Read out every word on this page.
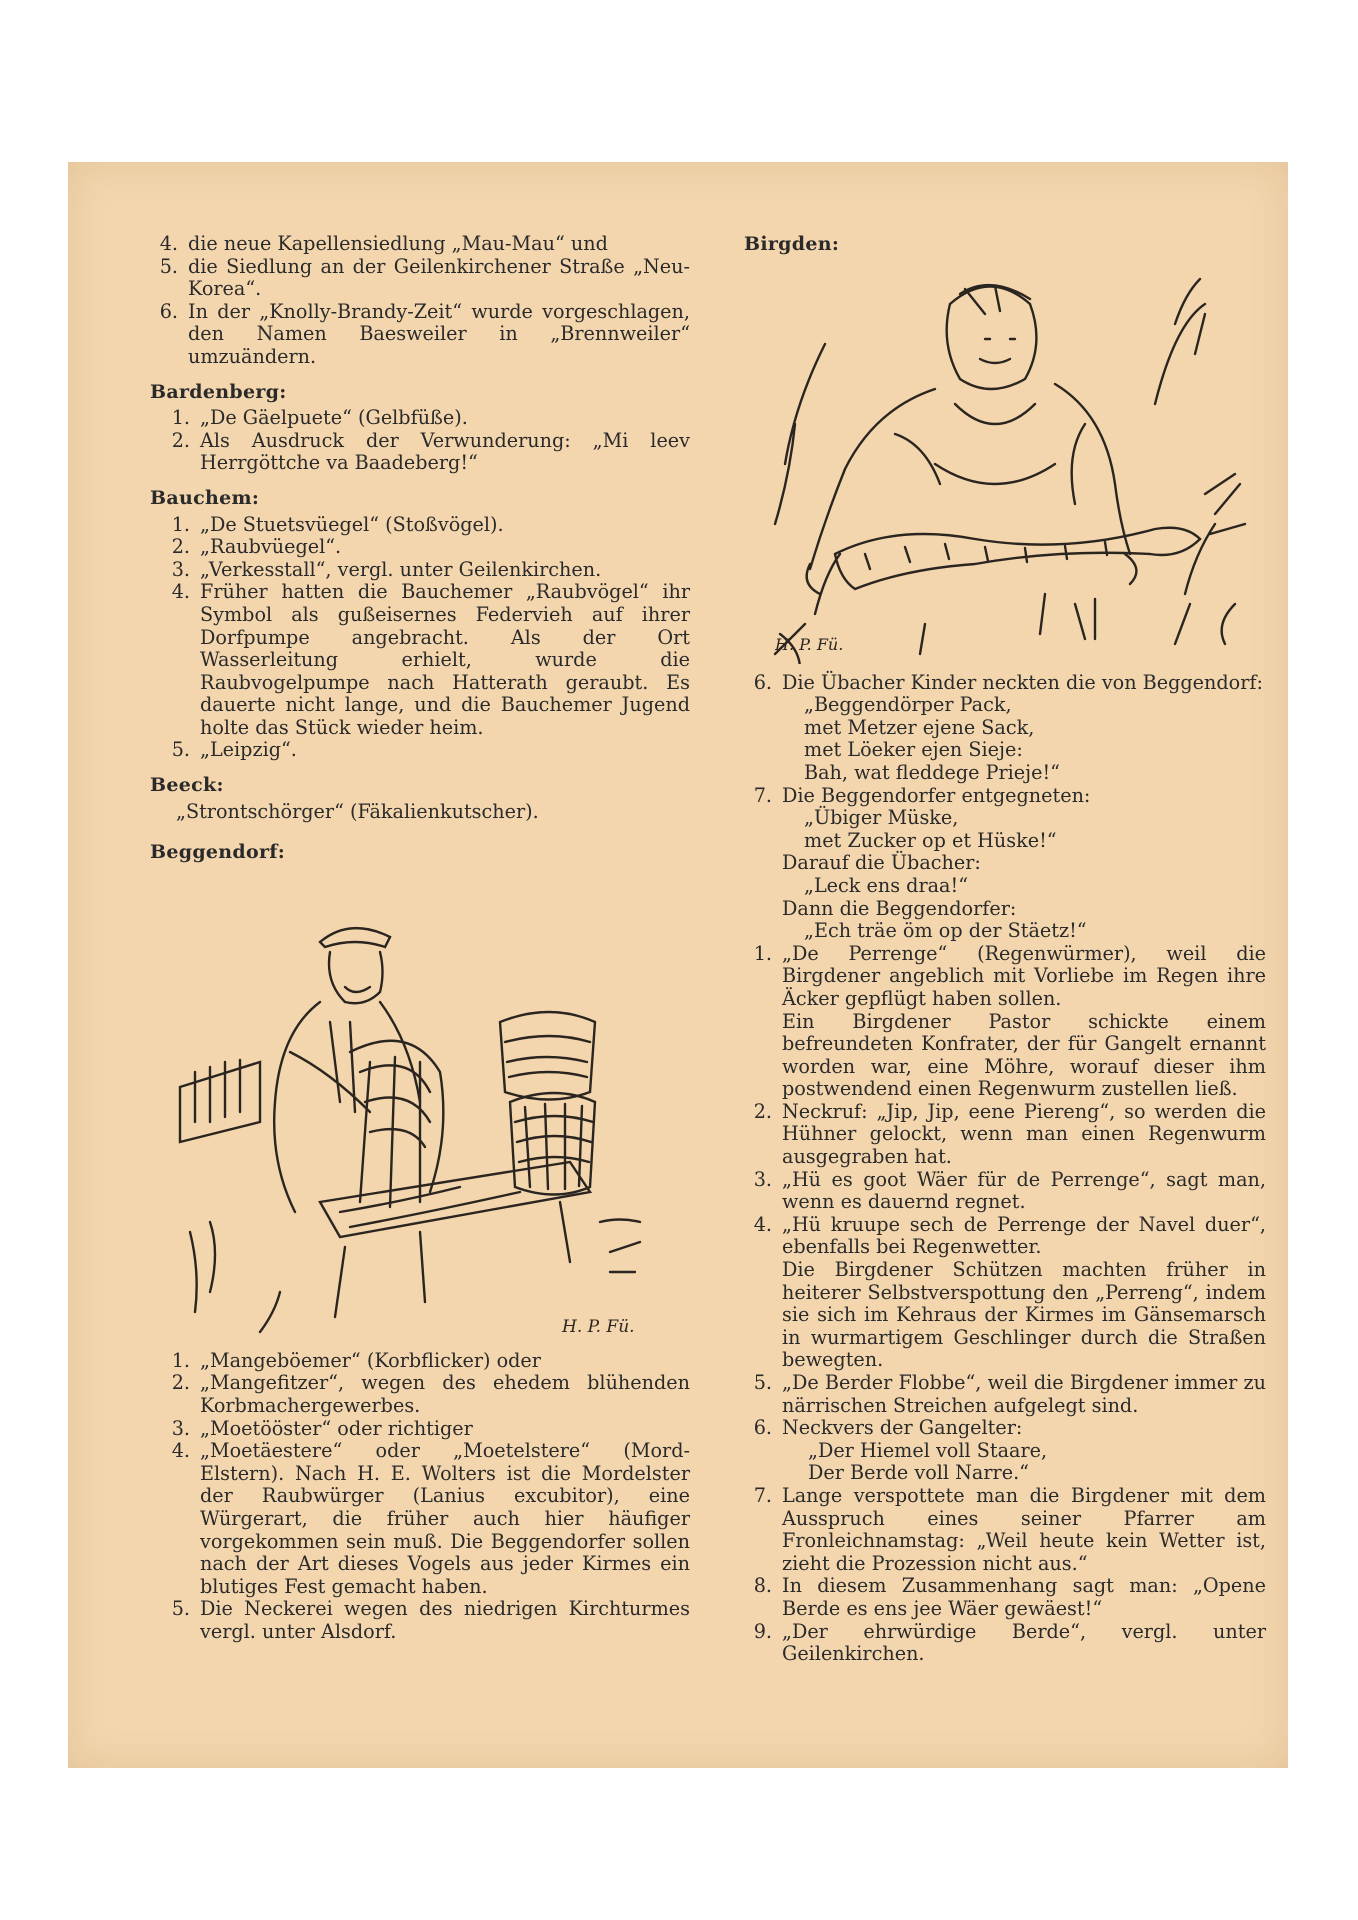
4. die neue Kapellensiedlung „Mau-Mau“ und
5. die Siedlung an der Geilenkirchener Straße „Neu-Korea“.
6. In der „Knolly-Brandy-Zeit“ wurde vorgeschlagen, den Namen Baesweiler in „Brennweiler“ umzuändern.
Bardenberg:
1. „De Gäelpuete“ (Gelbfüße).
2. Als Ausdruck der Verwunderung: „Mi leev Herrgöttche va Baadeberg!“
Bauchem:
1. „De Stuetsvüegel“ (Stoßvögel).
2. „Raubvüegel“.
3. „Verkesstall“, vergl. unter Geilenkirchen.
4. Früher hatten die Bauchemer „Raubvögel“ ihr Symbol als gußeisernes Federvieh auf ihrer Dorfpumpe angebracht. Als der Ort Wasserleitung erhielt, wurde die Raubvogelpumpe nach Hatterath geraubt. Es dauerte nicht lange, und die Bauchemer Jugend holte das Stück wieder heim.
5. „Leipzig“.
Beeck:
„Strontschörger“ (Fäkalienkutscher).
Beggendorf:
H. P. Fü.
1. „Mangeböemer“ (Korbflicker) oder
2. „Mangefitzer“, wegen des ehedem blühenden Korbmachergewerbes.
3. „Moetööster“ oder richtiger
4. „Moetäestere“ oder „Moetelstere“ (Mord-Elstern). Nach H. E. Wolters ist die Mordelster der Raubwürger (Lanius excubitor), eine Würgerart, die früher auch hier häufiger vorgekommen sein muß. Die Beggendorfer sollen nach der Art dieses Vogels aus jeder Kirmes ein blutiges Fest gemacht haben.
5. Die Neckerei wegen des niedrigen Kirchturmes vergl. unter Alsdorf.
Birgden:
H. P. Fü.
6. Die Übacher Kinder neckten die von Beggendorf:
„Beggendörper Pack,
met Metzer ejene Sack,
met Löeker ejen Sieje:
Bah, wat fleddege Prieje!“
7. Die Beggendorfer entgegneten:
„Übiger Müske,
met Zucker op et Hüske!“
Darauf die Übacher:
„Leck ens draa!“
Dann die Beggendorfer:
„Ech träe öm op der Stäetz!“
1. „De Perrenge“ (Regenwürmer), weil die Birgdener angeblich mit Vorliebe im Regen ihre Äcker gepflügt haben sollen.
Ein Birgdener Pastor schickte einem befreundeten Konfrater, der für Gangelt ernannt worden war, eine Möhre, worauf dieser ihm postwendend einen Regenwurm zustellen ließ.
2. Neckruf: „Jip, Jip, eene Piereng“, so werden die Hühner gelockt, wenn man einen Regenwurm ausgegraben hat.
3. „Hü es goot Wäer für de Perrenge“, sagt man, wenn es dauernd regnet.
4. „Hü kruupe sech de Perrenge der Navel duer“, ebenfalls bei Regenwetter.
Die Birgdener Schützen machten früher in heiterer Selbstverspottung den „Perreng“, indem sie sich im Kehraus der Kirmes im Gänsemarsch in wurmartigem Geschlinger durch die Straßen bewegten.
5. „De Berder Flobbe“, weil die Birgdener immer zu närrischen Streichen aufgelegt sind.
6. Neckvers der Gangelter:
„Der Hiemel voll Staare,
Der Berde voll Narre.“
7. Lange verspottete man die Birgdener mit dem Ausspruch eines seiner Pfarrer am Fronleichnamstag: „Weil heute kein Wetter ist, zieht die Prozession nicht aus.“
8. In diesem Zusammenhang sagt man: „Opene Berde es ens jee Wäer gewäest!“
9. „Der ehrwürdige Berde“, vergl. unter Geilenkirchen.
